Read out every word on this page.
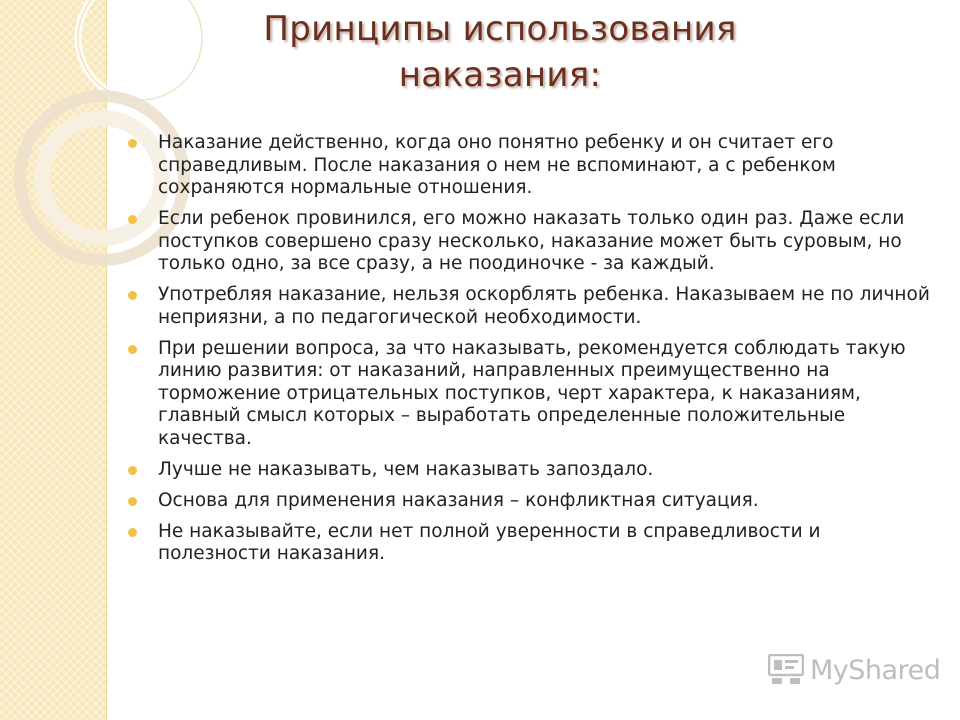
Принципы использования наказания:
Наказание действенно, когда оно понятно ребенку и он считает его справедливым. После наказания о нем не вспоминают, а с ребенком сохраняются нормальные отношения.
Если ребенок провинился, его можно наказать только один раз. Даже если поступков совершено сразу несколько, наказание может быть суровым, но только одно, за все сразу, а не поодиночке - за каждый.
Употребляя наказание, нельзя оскорблять ребенка. Наказываем не по личной неприязни, а по педагогической необходимости.
При решении вопроса, за что наказывать, рекомендуется соблюдать такую линию развития: от наказаний, направленных преимущественно на торможение отрицательных поступков, черт характера, к наказаниям, главный смысл которых – выработать определенные положительные качества.
Лучше не наказывать, чем наказывать запоздало.
Основа для применения наказания – конфликтная ситуация.
Не наказывайте, если нет полной уверенности в справедливости и полезности наказания.
MyShared
